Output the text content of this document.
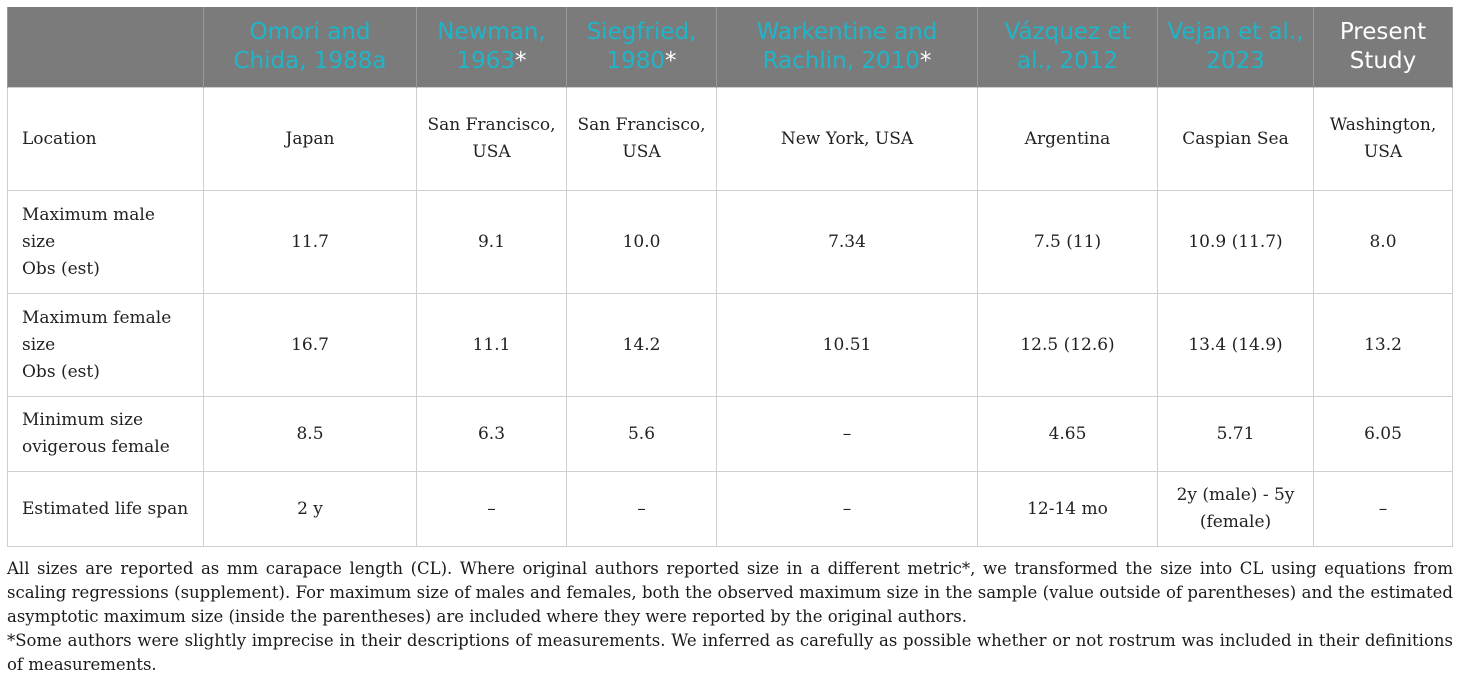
	Omori and Chida, 1988a	Newman, 1963*	Siegfried, 1980*	Warkentine and Rachlin, 2010*	Vázquez et al., 2012	Vejan et al., 2023	Present Study
Location	Japan	San Francisco, USA	San Francisco, USA	New York, USA	Argentina	Caspian Sea	Washington, USA
Maximum male
size
Obs (est)	11.7	9.1	10.0	7.34	7.5 (11)	10.9 (11.7)	8.0
Maximum female
size
Obs (est)	16.7	11.1	14.2	10.51	12.5 (12.6)	13.4 (14.9)	13.2
Minimum size
ovigerous female	8.5	6.3	5.6	–	4.65	5.71	6.05
Estimated life span	2 y	–	–	–	12-14 mo	2y (male) - 5y (female)	–

All sizes are reported as mm carapace length (CL). Where original authors reported size in a different metric*, we transformed the size into CL using equations from scaling regressions (supplement). For maximum size of males and females, both the observed maximum size in the sample (value outside of parentheses) and the estimated asymptotic maximum size (inside the parentheses) are included where they were reported by the original authors.

*Some authors were slightly imprecise in their descriptions of measurements. We inferred as carefully as possible whether or not rostrum was included in their definitions of measurements.
